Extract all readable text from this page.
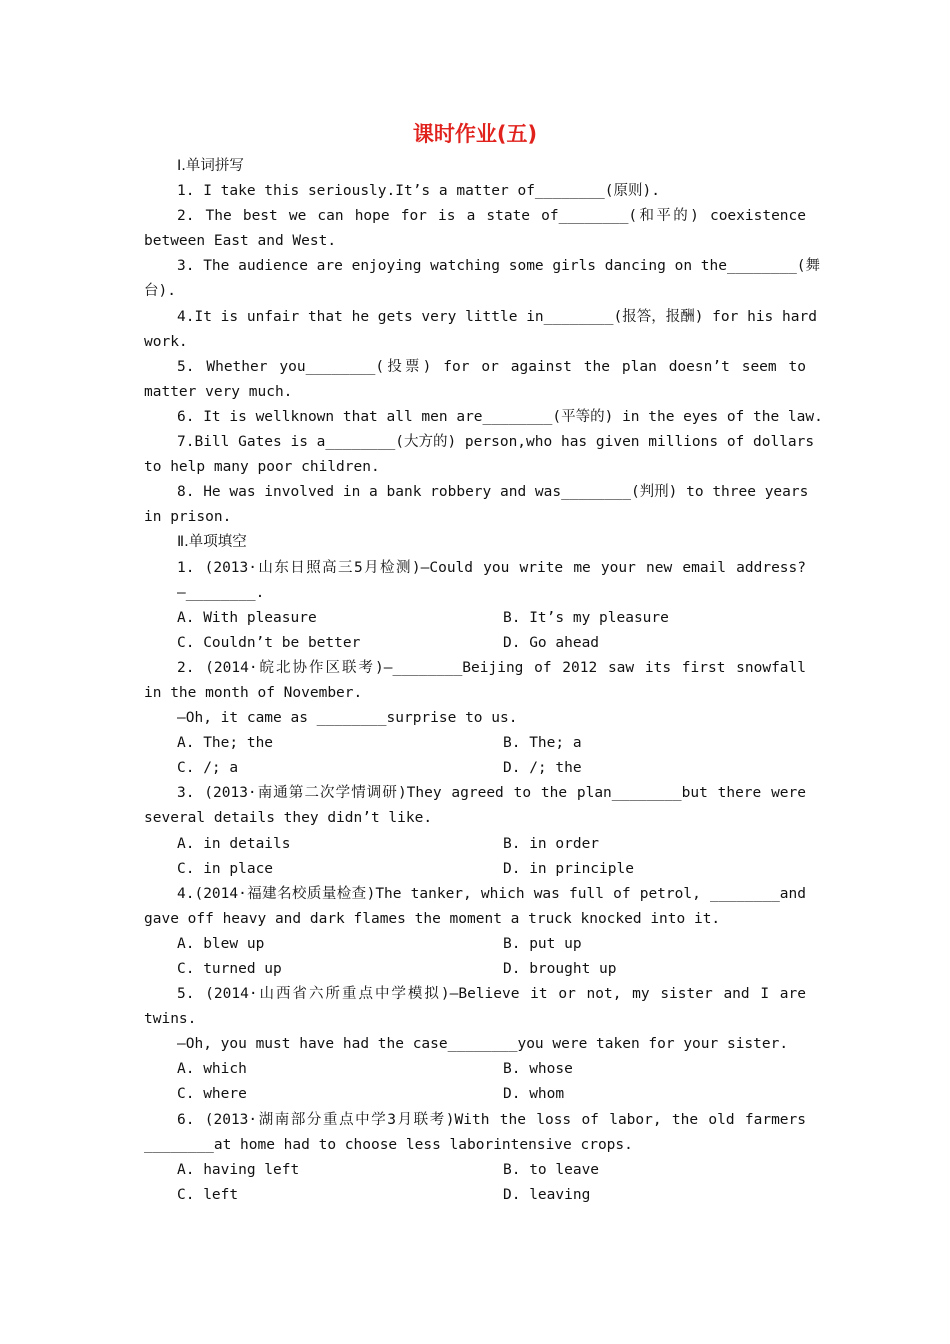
课时作业(五)
Ⅰ.单词拼写
1. I take this seriously.It’s a matter of________(原则).
2. The best we can hope for is a state of________(和平的) coexistence
between East and West.
3. The audience are enjoying watching some girls dancing on the________(舞
台).
4.It is unfair that he gets very little in________(报答，报酬) for his hard
work.
5. Whether you________(投票) for or against the plan doesn’t seem to
matter very much.
6. It is wellknown that all men are________(平等的) in the eyes of the law.
7.Bill Gates is a________(大方的) person,who has given millions of dollars
to help many poor children.
8. He was involved in a bank robbery and was________(判刑) to three years
in prison.
Ⅱ.单项填空
1. (2013·山东日照高三5月检测)—Could you write me your new email address?
—________.
A. With pleasure	B. It’s my pleasure
C. Couldn’t be better	D. Go ahead
2. (2014·皖北协作区联考)—________Beijing of 2012 saw its first snowfall
in the month of November.
—Oh, it came as ________surprise to us.
A. The; the	B. The; a
C. /; a	D. /; the
3. (2013·南通第二次学情调研)They agreed to the plan________but there were
several details they didn’t like.
A. in details	B. in order
C. in place	D. in principle
4.(2014·福建名校质量检查)The tanker, which was full of petrol, ________and
gave off heavy and dark flames the moment a truck knocked into it.
A. blew up	B. put up
C. turned up	D. brought up
5. (2014·山西省六所重点中学模拟)—Believe it or not, my sister and I are
twins.
—Oh, you must have had the case________you were taken for your sister.
A. which	B. whose
C. where	D. whom
6. (2013·湖南部分重点中学3月联考)With the loss of labor, the old farmers
________at home had to choose less laborintensive crops.
A. having left	B. to leave
C. left	D. leaving
